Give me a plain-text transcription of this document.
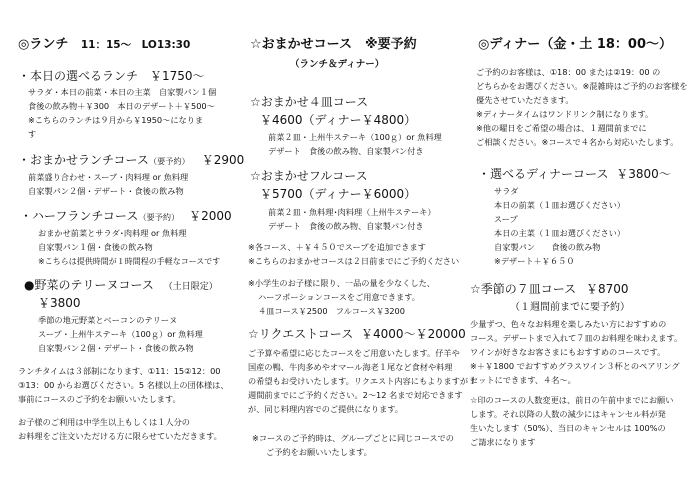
◎ランチ 11：15～　LO13:30
・本日の選べるランチ　￥1750～
サラダ・本日の前菜・本日の主菜　自家製パン１個
食後の飲み物＋￥300　本日のデザート＋￥500～
※こちらのランチは９月から￥1950～になりま
す
・おまかせランチコース（要予約） ￥2900
前菜盛り合わせ・スープ・肉料理 or 魚料理
自家製パン２個・デザート・食後の飲み物
・ハーフランチコース（要予約） ￥2000
おまかせ前菜とサラダ･肉料理 or 魚料理
自家製パン１個・食後の飲み物
※こちらは提供時間が１時間程の手軽なコースです
●野菜のテリーヌコース （土日限定）
￥3800
季節の地元野菜とベーコンのテリーヌ
スープ・上州牛ステーキ（100ｇ）or 魚料理
自家製パン２個・デザート・食後の飲み物
ランチタイムは３部制になります、①11：15②12：00
③13：00 からお選びください。5 名様以上の団体様は、
事前にコースのご予約をお願いいたします。
お子様のご利用は中学生以上もしくは１人分の
お料理をご注文いただける方に限らせていただきます。
☆おまかせコース　※要予約
（ランチ＆ディナー）
☆おまかせ４皿コース
￥4600（ディナー￥4800）
前菜２皿・上州牛ステーキ（100ｇ）or 魚料理
デザート　食後の飲み物、自家製パン付き
☆おまかせフルコース
￥5700（ディナー￥6000）
前菜２皿・魚料理･肉料理（上州牛ステーキ）
デザート　食後の飲み物、自家製パン付き
※各コース、＋￥４５０でスープを追加できます
※こちらのおまかせコースは２日前までにご予約ください
※小学生のお子様に限り、一品の量を少なくした、
ハーフポーションコースをご用意できます。
４皿コース￥2500　フルコース￥3200
☆リクエストコース ￥4000～￥20000
ご予算や希望に応じたコースをご用意いたします。仔羊や
国産の鴨、牛肉多めやオマール海老１尾など食材や料理
の希望もお受けいたします。リクエスト内容にもよりますが１
週間前までにご予約ください。2～12 名まで対応できます
が、同じ料理内容でのご提供になります。
※コースのご予約時は、グループごとに同じコースでの
ご予約をお願いいたします。
◎ディナー（金・土 18：00～）
ご予約のお客様は、①18：00 または②19：00 の
どちらかをお選びください。※混雑時はご予約のお客様を
優先させていただきます。
※ディナータイムはワンドリンク制になります。
※他の曜日をご希望の場合は、１週間前までに
ご相談ください。※コースで４名から対応いたします。
・選べるディナーコース ￥3800～
サラダ
本日の前菜（１皿お選びください）
スープ
本日の主菜（１皿お選びください）
自家製パン　　食後の飲み物
※デザート＋￥６５０
☆季節の７皿コース ￥8700
（１週間前までに要予約）
少量ずつ、色々なお料理を楽しみたい方におすすめの
コース。デザートまで入れて７皿のお料理を味わえます。
ワインが好きなお客さまにもおすすめのコースです。
※＋￥1800 でおすすめグラスワイン３杯とのペアリング
セットにできます、４名～。
☆印のコースの人数変更は、前日の午前中までにお願い
します。それ以降の人数の減少にはキャンセル料が発
生いたします（50%）、当日のキャンセルは 100%の
ご請求になります
